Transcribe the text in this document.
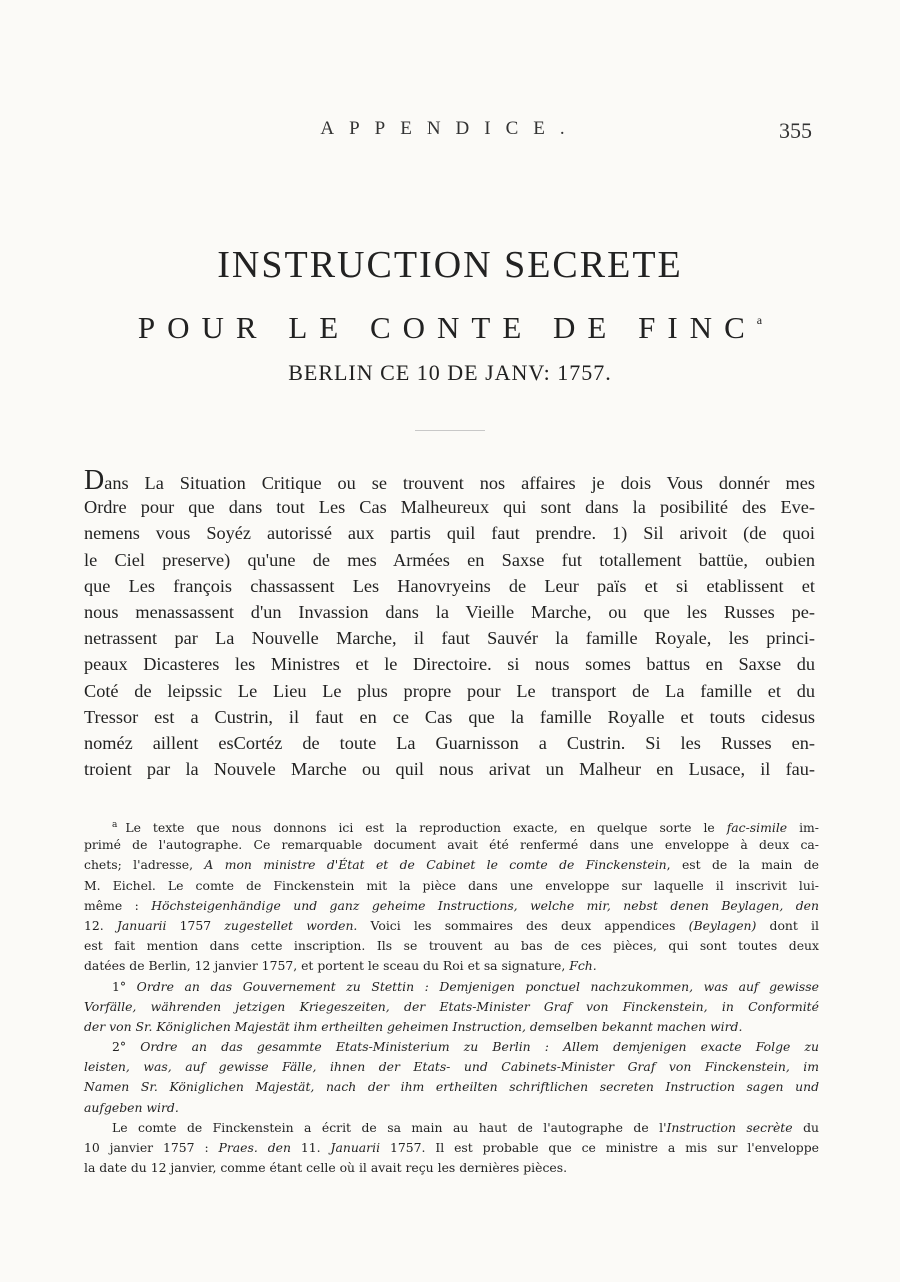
APPENDICE.	355
INSTRUCTION SECRETE
POUR LE CONTE DE FINC$^a$
BERLIN CE 10 DE JANV: 1757.
Dans La Situation Critique ou se trouvent nos affaires je dois Vous donnér mes
Ordre pour que dans tout Les Cas Malheureux qui sont dans la posibilité des Eve-
nemens vous Soyéz autorissé aux partis quil faut prendre. 1) Sil arivoit (de quoi
le Ciel preserve) qu'une de mes Armées en Saxse fut totallement battüe, oubien
que Les françois chassassent Les Hanovryeins de Leur païs et si etablissent et
nous menassassent d'un Invassion dans la Vieille Marche, ou que les Russes pe-
netrassent par La Nouvelle Marche, il faut Sauvér la famille Royale, les princi-
peaux Dicasteres les Ministres et le Directoire. si nous somes battus en Saxse du
Coté de leipssic Le Lieu Le plus propre pour Le transport de La famille et du
Tressor est a Custrin, il faut en ce Cas que la famille Royalle et touts cidesus
noméz aillent esCortéz de toute La Guarnisson a Custrin. Si les Russes en-
troient par la Nouvele Marche ou quil nous arivat un Malheur en Lusace, il fau-
$^a$ Le texte que nous donnons ici est la reproduction exacte, en quelque sorte le fac-simile im-
primé de l'autographe. Ce remarquable document avait été renfermé dans une enveloppe à deux ca-
chets; l'adresse, A mon ministre d'État et de Cabinet le comte de Finckenstein, est de la main de
M. Eichel. Le comte de Finckenstein mit la pièce dans une enveloppe sur laquelle il inscrivit lui-
même : Höchsteigenhändige und ganz geheime Instructions, welche mir, nebst denen Beylagen, den
12. Januarii 1757 zugestellet worden. Voici les sommaires des deux appendices (Beylagen) dont il
est fait mention dans cette inscription. Ils se trouvent au bas de ces pièces, qui sont toutes deux
datées de Berlin, 12 janvier 1757, et portent le sceau du Roi et sa signature, Fch.
1° Ordre an das Gouvernement zu Stettin : Demjenigen ponctuel nachzukommen, was auf gewisse
Vorfälle, währenden jetzigen Kriegeszeiten, der Etats-Minister Graf von Finckenstein, in Conformité
der von Sr. Königlichen Majestät ihm ertheilten geheimen Instruction, demselben bekannt machen wird.
2° Ordre an das gesammte Etats-Ministerium zu Berlin : Allem demjenigen exacte Folge zu
leisten, was, auf gewisse Fälle, ihnen der Etats- und Cabinets-Minister Graf von Finckenstein, im
Namen Sr. Königlichen Majestät, nach der ihm ertheilten schriftlichen secreten Instruction sagen und
aufgeben wird.
Le comte de Finckenstein a écrit de sa main au haut de l'autographe de l'Instruction secrète du
10 janvier 1757 : Praes. den 11. Januarii 1757. Il est probable que ce ministre a mis sur l'enveloppe
la date du 12 janvier, comme étant celle où il avait reçu les dernières pièces.
